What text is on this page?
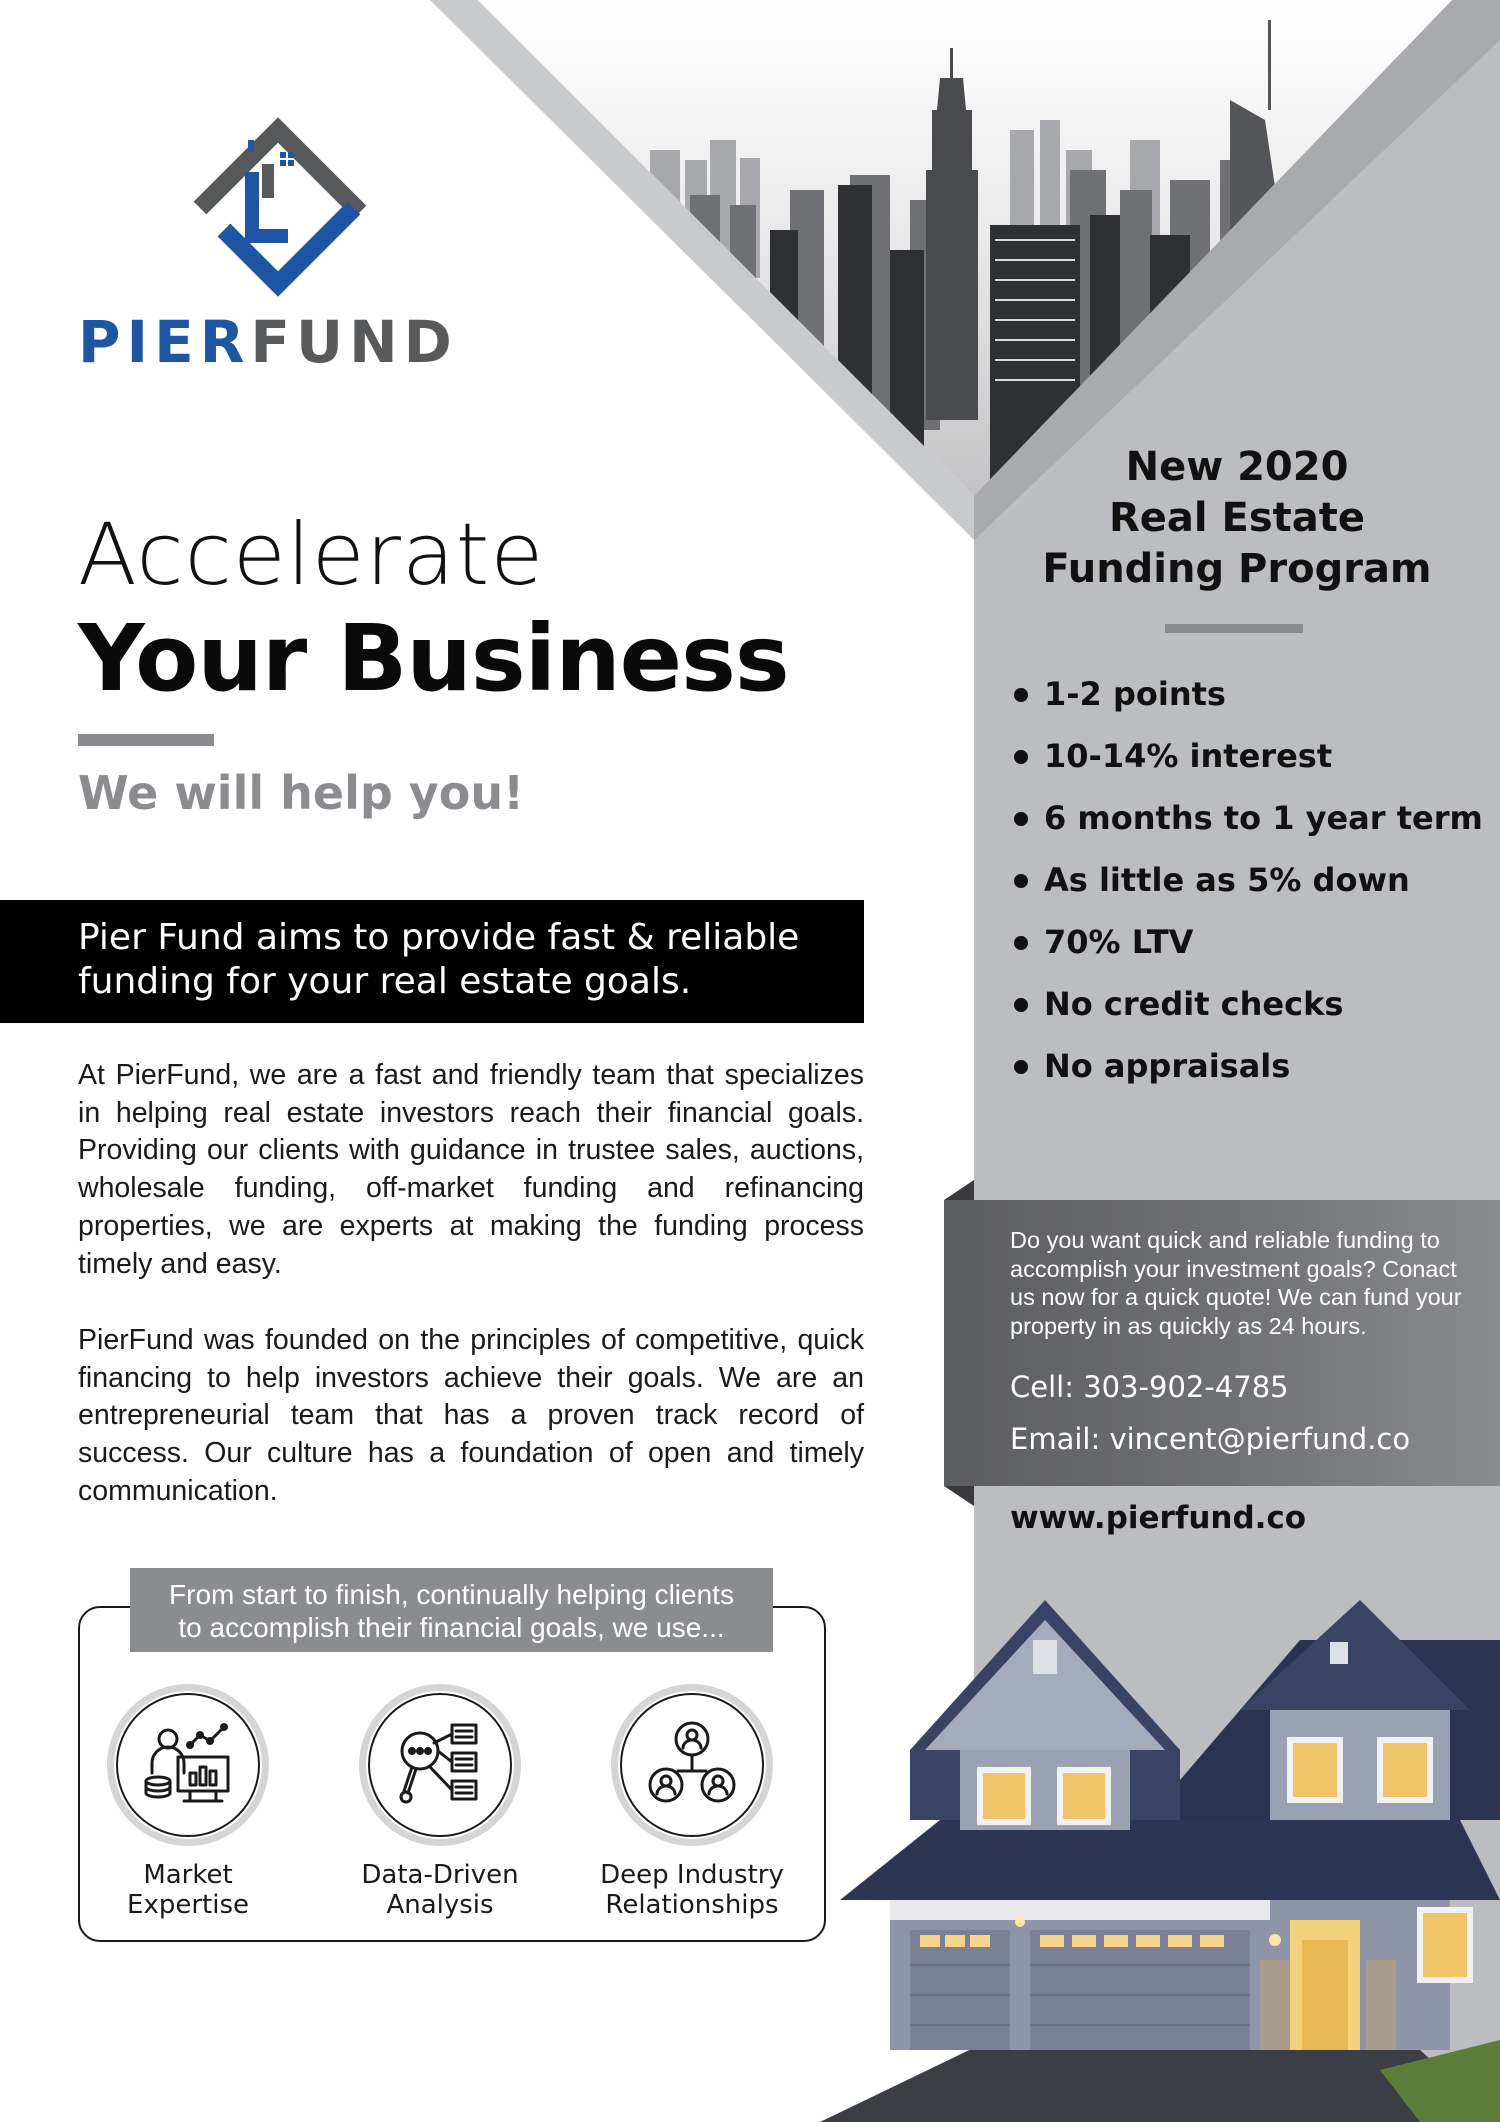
PIERFUND
Accelerate
Your Business
We will help you!
Pier Fund aims to provide fast & reliable
funding for your real estate goals.

At PierFund, we are a fast and friendly team that specializes in helping real estate investors reach their financial goals. Providing our clients with guidance in trustee sales, auctions, wholesale funding, off-market funding and refinancing properties, we are experts at making the funding process timely and easy.

PierFund was founded on the principles of competitive, quick financing to help investors achieve their goals. We are an entrepreneurial team that has a proven track record of success. Our culture has a foundation of open and timely communication.

From start to finish, continually helping clients
to accomplish their financial goals, we use...
Market
Expertise
Data-Driven
Analysis
Deep Industry
Relationships
New 2020
Real Estate
Funding Program
1-2 points
10-14% interest
6 months to 1 year term
As little as 5% down
70% LTV
No credit checks
No appraisals

Do you want quick and reliable funding to accomplish your investment goals? Conact us now for a quick quote! We can fund your property in as quickly as 24 hours.

Cell: 303-902-4785
Email: vincent@pierfund.co
www.pierfund.co
